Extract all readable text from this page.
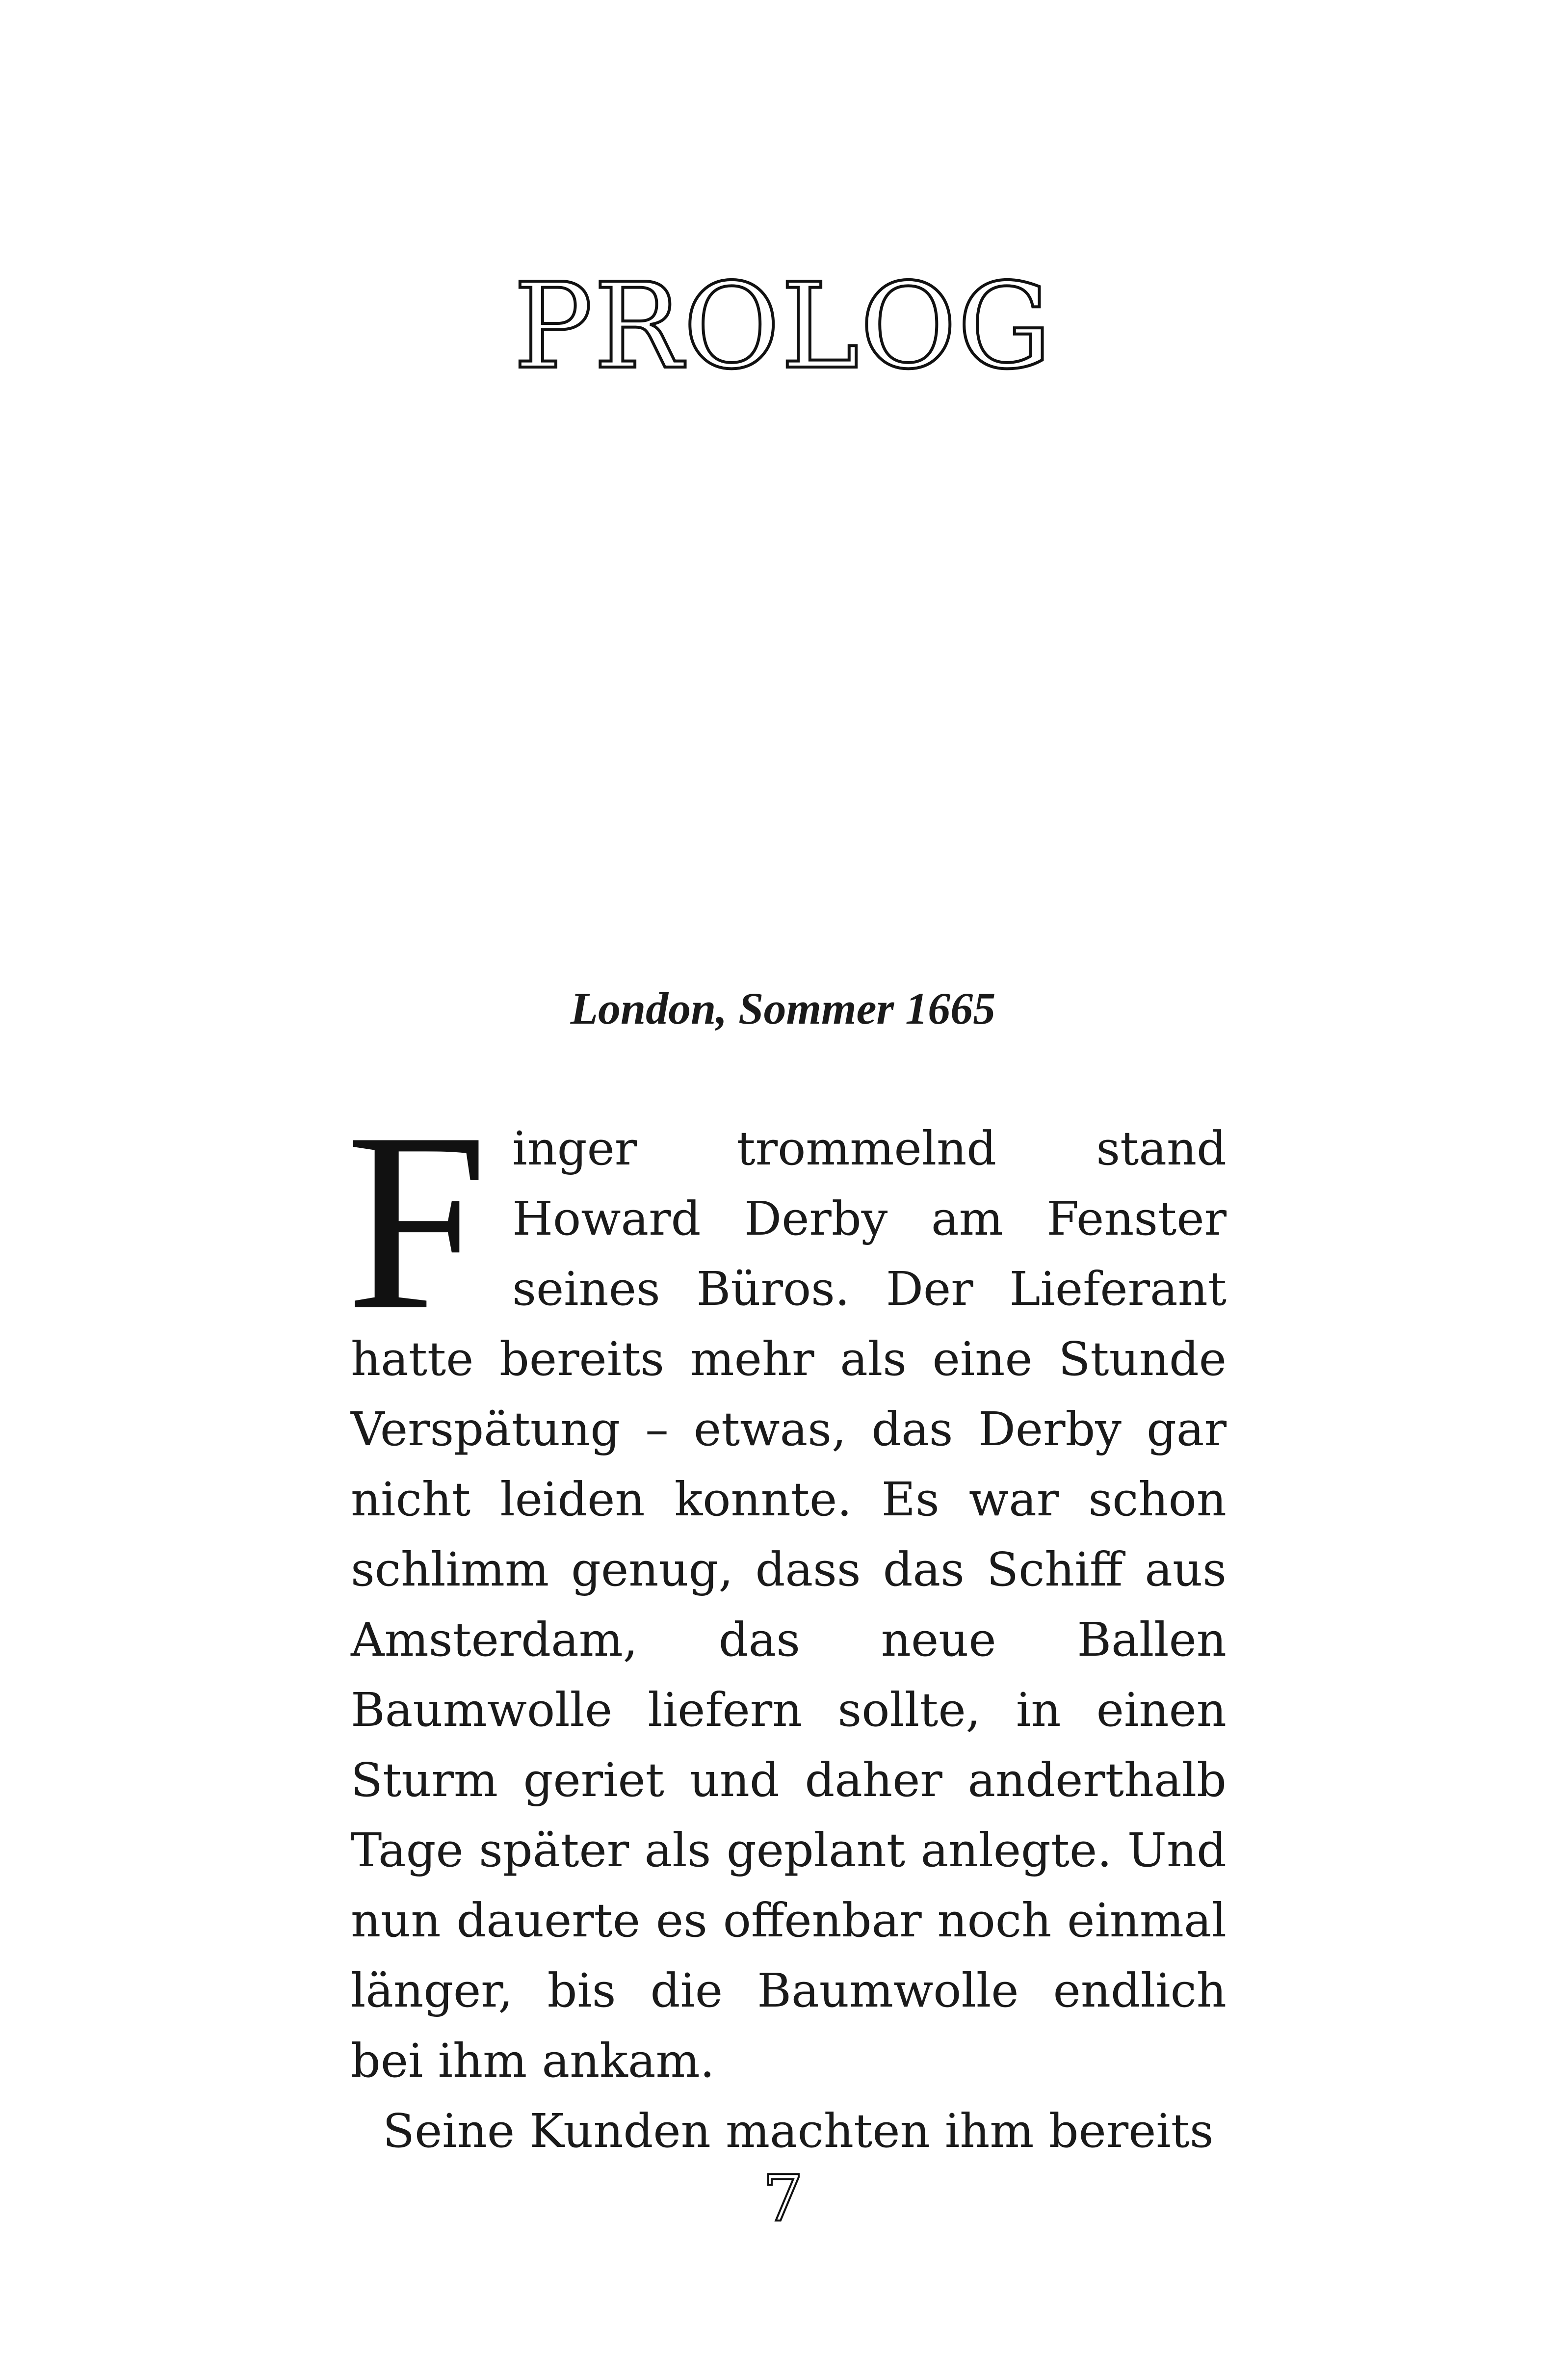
PROLOG

London, Sommer 1665

Finger trommelnd stand Howard Derby am Fenster seines Büros. Der Lieferant hatte bereits mehr als eine Stunde Verspätung – etwas, das Derby gar nicht leiden konnte. Es war schon schlimm genug, dass das Schiff aus Amsterdam, das neue Ballen Baumwolle liefern sollte, in einen Sturm geriet und daher anderthalb Tage später als geplant anlegte. Und nun dauerte es offenbar noch einmal länger, bis die Baumwolle endlich bei ihm ankam.

Seine Kunden machten ihm bereits

7
